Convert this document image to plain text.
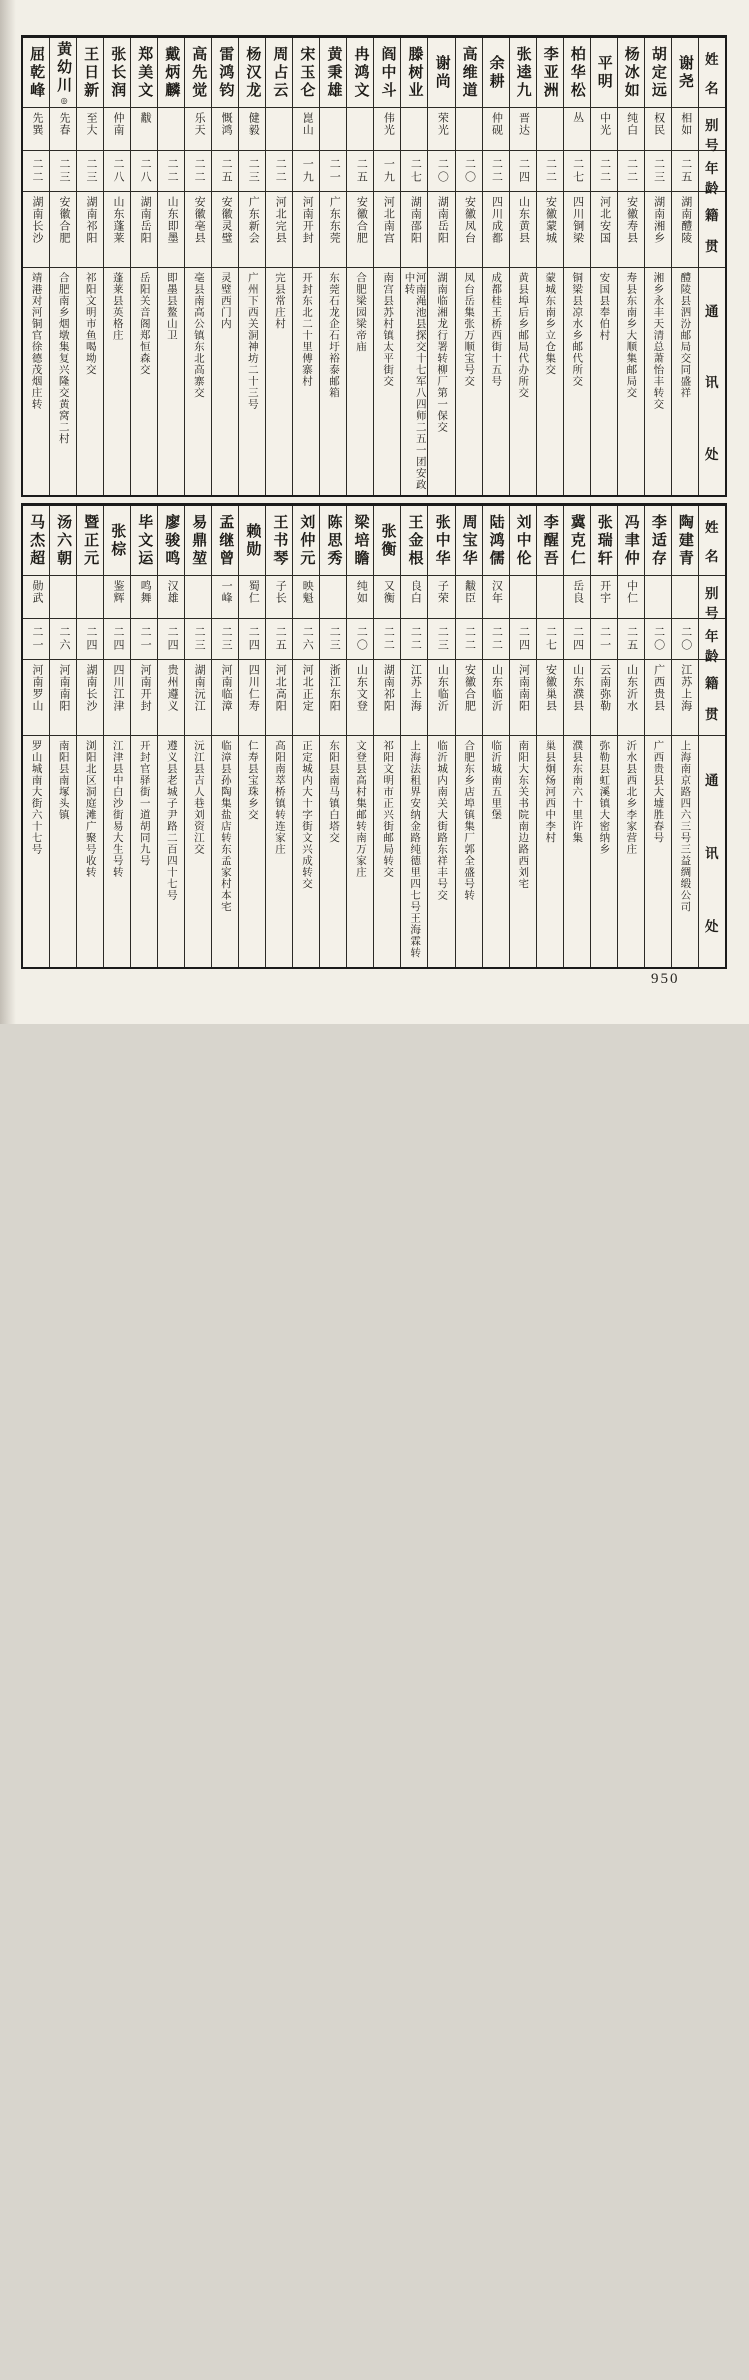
屈乾峰
先巽
二二
湖南长沙
靖港对河铜官徐德茂烟庄转
黄幼川◎
先春
二三
安徽合肥
合肥南乡烟墩集复兴隆交黄窝二村
王日新
至大
二三
湖南祁阳
祁阳文明市鱼喝坳交
张长润
仲南
二八
山东蓬莱
蓬莱县英格庄
郑美文
黻
二八
湖南岳阳
岳阳关音阁郑恒森交
戴炳麟
二二
山东即墨
即墨县鳌山卫
高先觉
乐天
二二
安徽亳县
亳县南高公镇东北高寨交
雷鸿钧
慨鸿
二五
安徽灵璧
灵璧西门内
杨汉龙
健毅
二三
广东新会
广州下西关洞神坊二十三号
周占云
二二
河北完县
完县常庄村
宋玉仑
崑山
一九
河南开封
开封东北二十里傅寨村
黄秉雄
二一
广东东莞
东莞石龙企石圩裕泰邮箱
冉鸿文
二五
安徽合肥
合肥梁园梁帝庙
阎中斗
伟光
一九
河北南宫
南宫县苏村镇太平街交
滕树业
二七
湖南邵阳
河南渑池县探交十七军八四师二五一团安政中转
谢尚
荣光
二〇
湖南岳阳
湖南临湘龙行署转柳厂第一保交
高维道
二〇
安徽凤台
凤台岳集张万顺宝号交
余耕
仲砚
二二
四川成都
成都桂王桥西街十五号
张逵九
晋达
二四
山东黄县
黄县埠后乡邮局代办所交
李亚洲
二二
安徽蒙城
蒙城东南乡立仓集交
柏华松
丛
二七
四川铜梁
铜梁县凉水乡邮代所交
平明
中光
二二
河北安国
安国县奉伯村
杨冰如
纯白
二二
安徽寿县
寿县东南乡大顺集邮局交
胡定远
权民
二三
湖南湘乡
湘乡永丰天清总萧怡丰转交
谢尧
相如
二五
湖南醴陵
醴陵县泗汾邮局交同盛祥
姓
名
别
号
年
龄
籍
贯
通
讯
处
马杰超
勋武
二一
河南罗山
罗山城南大街六十七号
汤六朝
二六
河南南阳
南阳县南塚头镇
暨正元
二四
湖南长沙
浏阳北区洞庭滩广聚号收转
张棕
鉴辉
二四
四川江津
江津县中白沙街易大生号转
毕文运
鸣舞
二一
河南开封
开封官驿街一道胡同九号
廖骏鸣
汉雄
二四
贵州遵义
遵义县老城子尹路二百四十七号
易鼎堃
二三
湖南沅江
沅江县吉人巷刘资江交
孟继曾
一峰
二三
河南临漳
临漳县孙陶集盐店转东孟家村本宅
赖勋
蜀仁
二四
四川仁寿
仁寿县宝珠乡交
王书琴
子长
二五
河北高阳
高阳南萃桥镇转连家庄
刘仲元
映魁
二六
河北正定
正定城内大十字街文兴成转交
陈思秀
二三
浙江东阳
东阳县南马镇白塔交
梁培瞻
纯如
二〇
山东文登
文登县高村集邮转南万家庄
张衡
又衡
二二
湖南祁阳
祁阳文明市正兴街邮局转交
王金根
良白
二二
江苏上海
上海法租界安纳金路纯德里四七号王海霖转
张中华
子荣
二三
山东临沂
临沂城内南关大街路东祥丰号交
周宝华
黻臣
二二
安徽合肥
合肥东乡店埠镇集厂郭全盛号转
陆鸿儒
汉年
二二
山东临沂
临沂城南五里堡
刘中伦
二四
河南南阳
南阳大东关书院南边路西刘宅
李醒吾
二七
安徽巢县
巢县炯炀河西中李村
冀克仁
岳良
二四
山东濮县
濮县东南六十里许集
张瑞轩
开宇
二一
云南弥勒
弥勒县虹溪镇大密纳乡
冯聿仲
中仁
二五
山东沂水
沂水县西北乡李家营庄
李适存
二〇
广西贵县
广西贵县大墟胜春号
陶建青
二〇
江苏上海
上海南京路四六三号三益绸缎公司
姓
名
别
号
年
龄
籍
贯
通
讯
处
950
